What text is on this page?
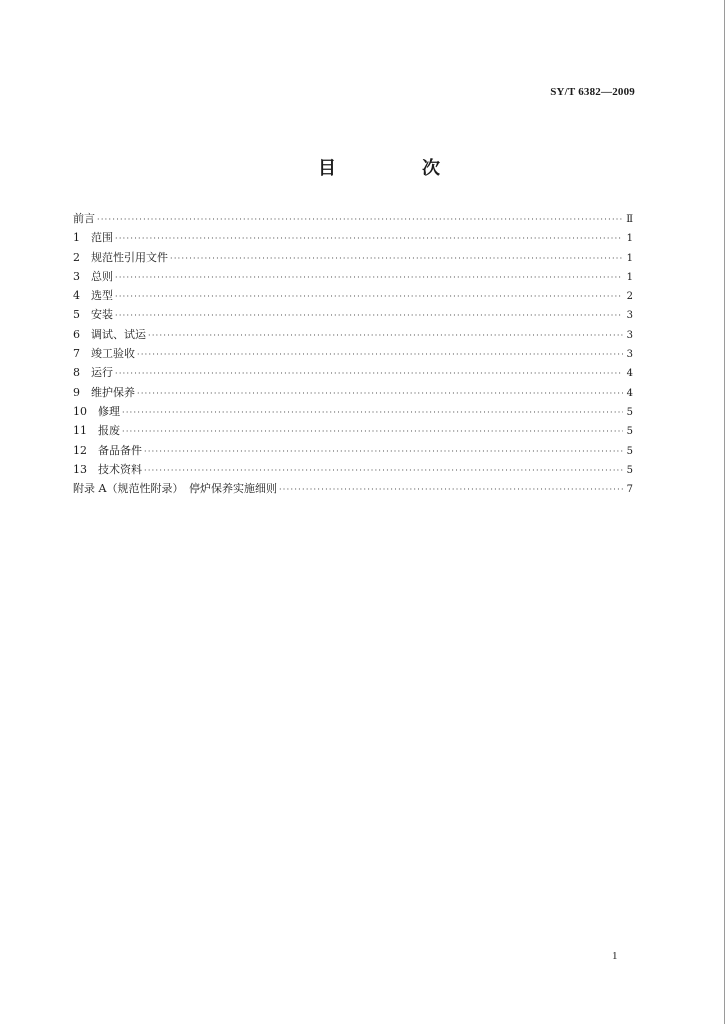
SY/T 6382—2009
目　次
前言 ·····	Ⅱ
1　范围 ·····	1
2　规范性引用文件 ·····	1
3　总则 ·····	1
4　选型 ·····	2
5　安装 ·····	3
6　调试、试运 ·····	3
7　竣工验收 ·····	3
8　运行 ·····	4
9　维护保养 ·····	4
10　修理 ·····	5
11　报废 ·····	5
12　备品备件 ·····	5
13　技术资料 ·····	5
附录 A（规范性附录）　停炉保养实施细则 ·····	7
1
